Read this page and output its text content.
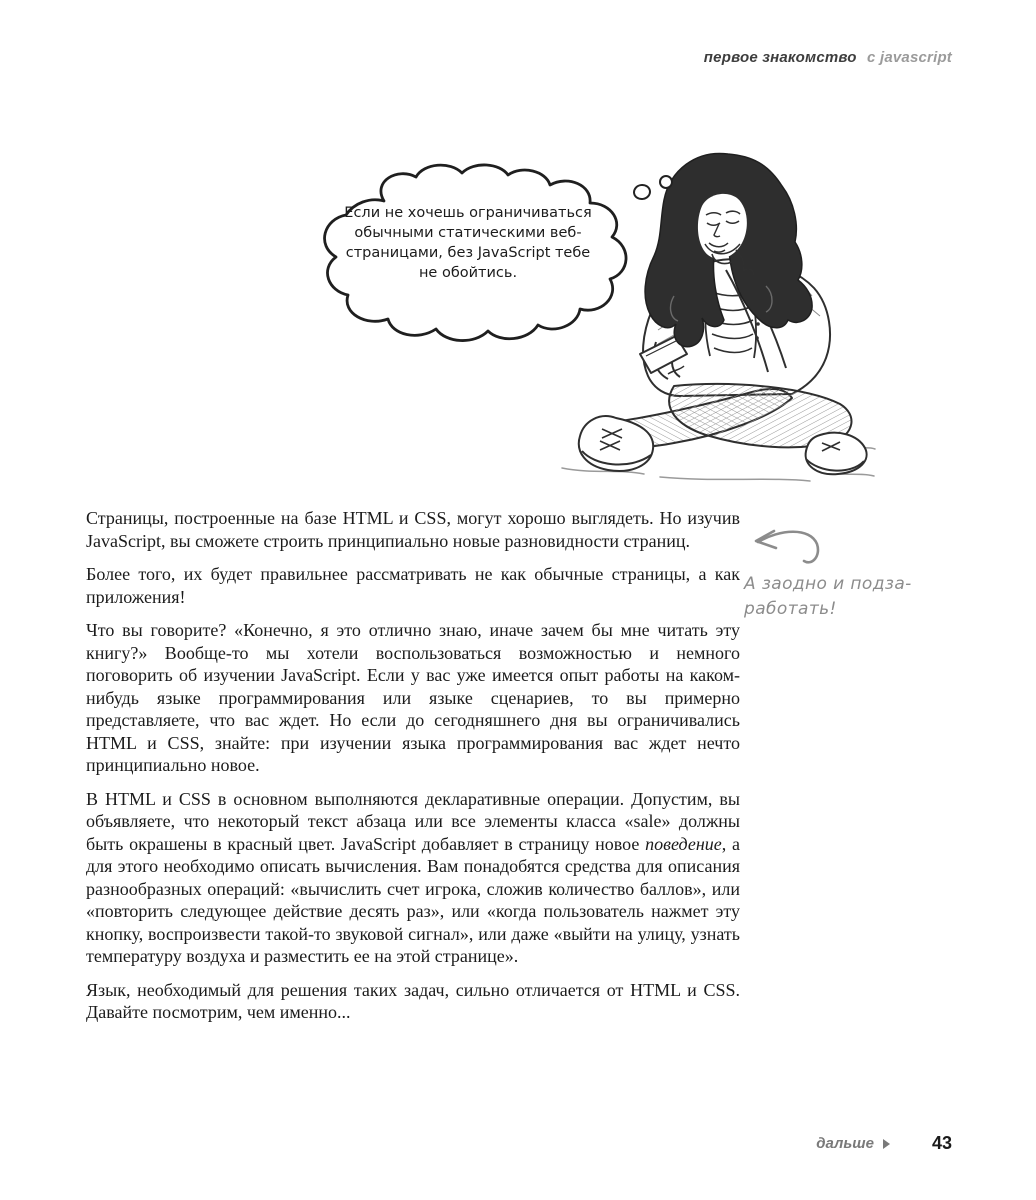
первое знакомство с javascript
Если не хочешь ограничиваться
обычными статическими веб-
страницами, без JavaScript тебе
не обойтись.

Страницы, построенные на базе HTML и CSS, могут хорошо выглядеть. Но изучив JavaScript, вы сможете строить принципиально новые разновидности страниц.

Более того, их будет правильнее рассматривать не как обычные страницы, а как приложения!

Что вы говорите? «Конечно, я это отлично знаю, иначе зачем бы мне читать эту книгу?» Вообще-то мы хотели воспользоваться возможностью и немного поговорить об изучении JavaScript. Если у вас уже имеется опыт работы на каком-нибудь языке программирования или языке сценариев, то вы примерно представляете, что вас ждет. Но если до сегодняшнего дня вы ограничивались HTML и CSS, знайте: при изучении языка программирования вас ждет нечто принципиально новое.

В HTML и CSS в основном выполняются декларативные операции. Допустим, вы объявляете, что некоторый текст абзаца или все элементы класса «sale» должны быть окрашены в красный цвет. JavaScript добавляет в страницу новое поведение, а для этого необходимо описать вычисления. Вам понадобятся средства для описания разнообразных операций: «вычислить счет игрока, сложив количество баллов», или «повторить следующее действие десять раз», или «когда пользователь нажмет эту кнопку, воспроизвести такой-то звуковой сигнал», или даже «выйти на улицу, узнать температуру воздуха и разместить ее на этой странице».

Язык, необходимый для решения таких задач, сильно отличается от HTML и CSS. Давайте посмотрим, чем именно...

А заодно и подза-
работать!
дальше	43
